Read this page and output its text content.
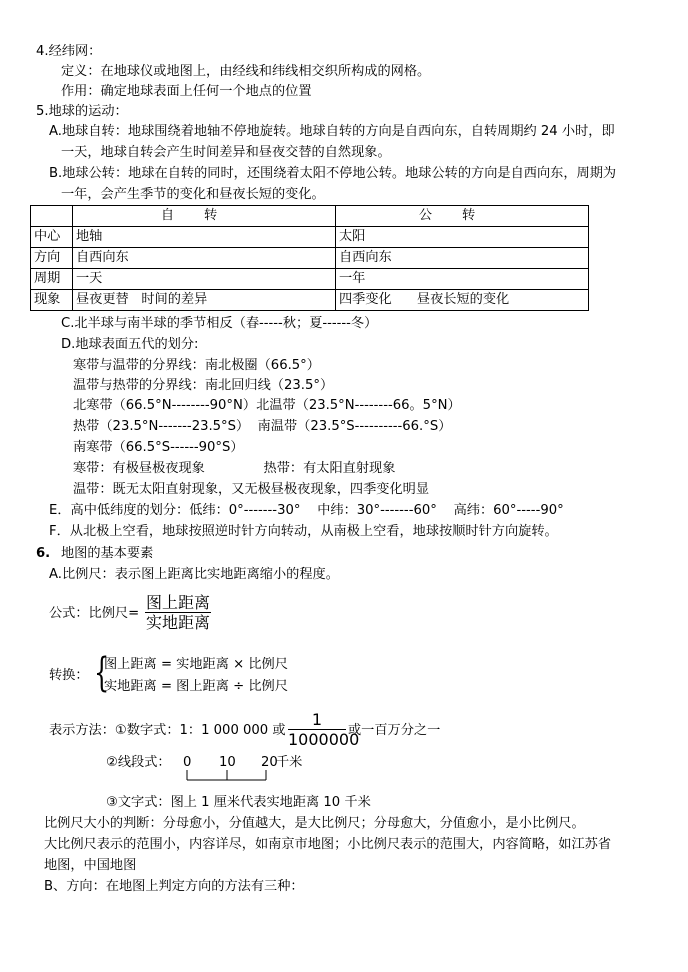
4.经纬网：
定义：在地球仪或地图上，由经线和纬线相交织所构成的网格。
作用：确定地球表面上任何一个地点的位置
5.地球的运动：
A.地球自转：地球围绕着地轴不停地旋转。地球自转的方向是自西向东，自转周期约 24 小时，即
一天，地球自转会产生时间差异和昼夜交替的自然现象。
B.地球公转：地球在自转的同时，还围绕着太阳不停地公转。地球公转的方向是自西向东，周期为
一年，会产生季节的变化和昼夜长短的变化。
	自转	公转
中心	地轴	太阳
方向	自西向东	自西向东
周期	一天	一年
现象	昼夜更替   时间的差异	四季变化      昼夜长短的变化
C.北半球与南半球的季节相反（春-----秋；夏------冬）
D.地球表面五代的划分:
寒带与温带的分界线：南北极圈（66.5°）
温带与热带的分界线：南北回归线（23.5°）
北寒带（66.5°N--------90°N）北温带（23.5°N--------66。5°N）
热带（23.5°N-------23.5°S）  南温带（23.5°S----------66.°S）
南寒带（66.5°S------90°S）
寒带：有极昼极夜现象              热带：有太阳直射现象
温带：既无太阳直射现象，又无极昼极夜现象，四季变化明显
E．高中低纬度的划分：低纬：0°-------30°    中纬：30°-------60°    高纬：60°-----90°
F．从北极上空看，地球按照逆时针方向转动，从南极上空看，地球按顺时针方向旋转。
6. 地图的基本要素
A.比例尺：表示图上距离比实地距离缩小的程度。
公式：比例尺=
图上距离
实地距离
转换： {
图上距离 = 实地距离 × 比例尺
实地距离 = 图上距离 ÷ 比例尺
表示方法：①数字式：1：1 000 000 或
1
1000000
或一百万分之一
②线段式： 0 10 20
千米
③文字式：图上 1 厘米代表实地距离 10 千米
比例尺大小的判断：分母愈小，分值越大，是大比例尺；分母愈大，分值愈小，是小比例尺。
大比例尺表示的范围小，内容详尽，如南京市地图；小比例尺表示的范围大，内容简略，如江苏省
地图，中国地图
B、方向：在地图上判定方向的方法有三种：
